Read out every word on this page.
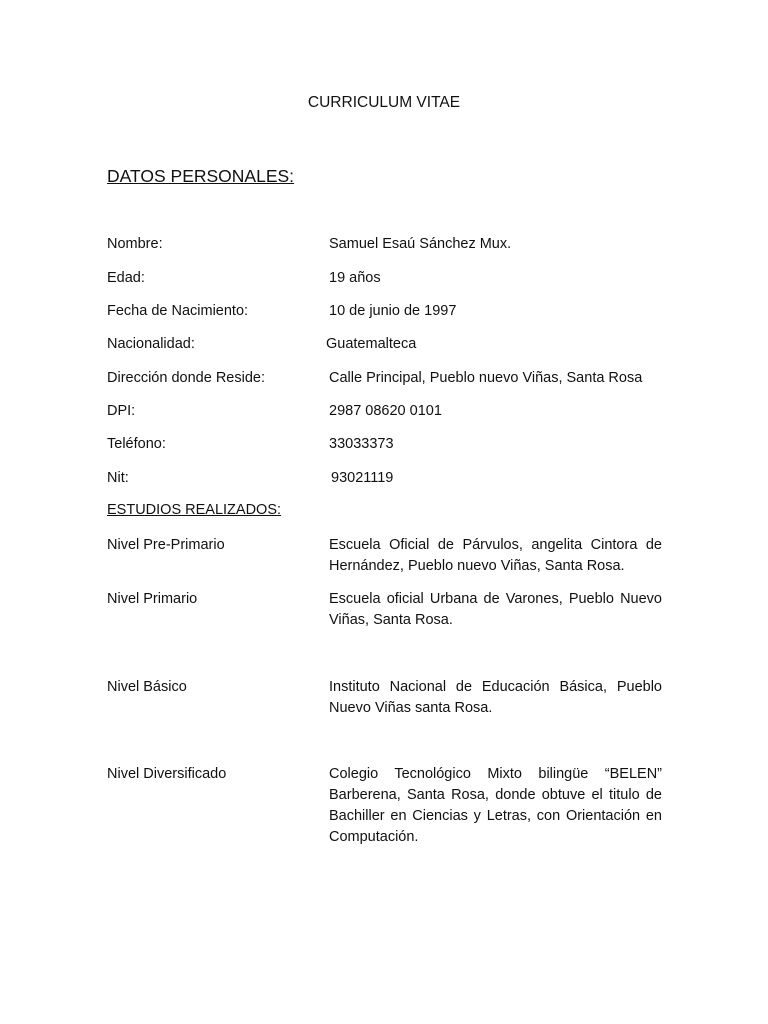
CURRICULUM VITAE
DATOS PERSONALES:
Nombre:	Samuel Esaú Sánchez Mux.
Edad:	19 años
Fecha de Nacimiento:	10 de junio de 1997
Nacionalidad:	Guatemalteca
Dirección donde Reside:	Calle Principal, Pueblo nuevo Viñas, Santa Rosa
DPI:	2987 08620 0101
Teléfono:	33033373
Nit:	93021119
ESTUDIOS REALIZADOS:
Nivel Pre-Primario	Escuela Oficial de Párvulos, angelita Cintora de Hernández, Pueblo nuevo Viñas, Santa Rosa.
Nivel Primario	Escuela oficial Urbana de Varones, Pueblo Nuevo Viñas, Santa Rosa.
Nivel Básico	Instituto Nacional de Educación Básica, Pueblo Nuevo Viñas santa Rosa.
Nivel Diversificado	Colegio Tecnológico Mixto bilingüe “BELEN” Barberena, Santa Rosa, donde obtuve el titulo de Bachiller en Ciencias y Letras, con Orientación en Computación.
